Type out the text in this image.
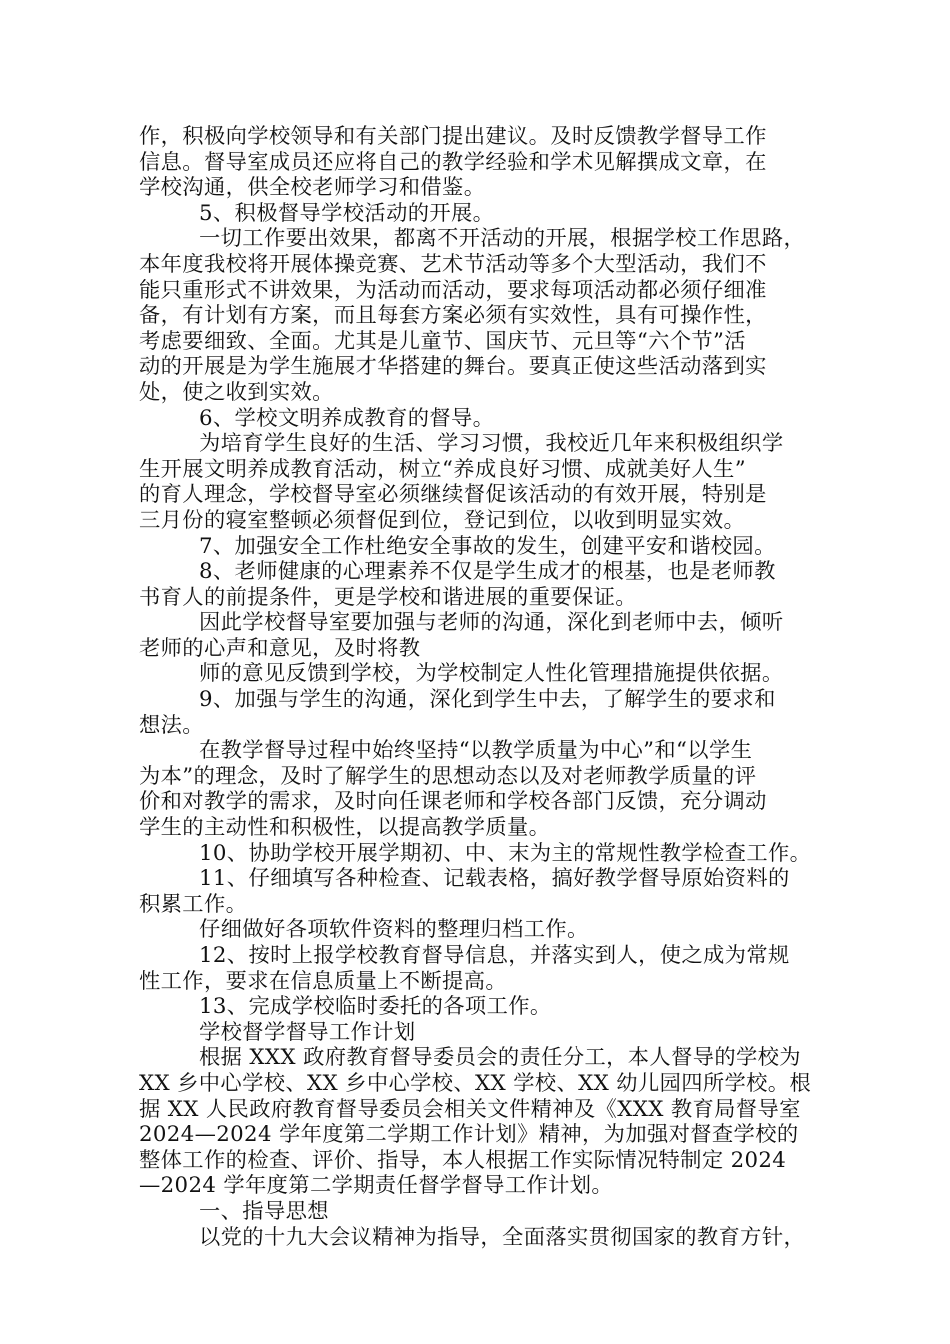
作，积极向学校领导和有关部门提出建议。及时反馈教学督导工作
信息。督导室成员还应将自己的教学经验和学术见解撰成文章，在
学校沟通，供全校老师学习和借鉴。
5、积极督导学校活动的开展。
一切工作要出效果，都离不开活动的开展，根据学校工作思路，
本年度我校将开展体操竞赛、艺术节活动等多个大型活动，我们不
能只重形式不讲效果，为活动而活动，要求每项活动都必须仔细准
备，有计划有方案，而且每套方案必须有实效性，具有可操作性，
考虑要细致、全面。尤其是儿童节、国庆节、元旦等“六个节”活
动的开展是为学生施展才华搭建的舞台。要真正使这些活动落到实
处，使之收到实效。
6、学校文明养成教育的督导。
为培育学生良好的生活、学习习惯，我校近几年来积极组织学
生开展文明养成教育活动，树立“养成良好习惯、成就美好人生”
的育人理念，学校督导室必须继续督促该活动的有效开展，特别是
三月份的寝室整顿必须督促到位，登记到位，以收到明显实效。
7、加强安全工作杜绝安全事故的发生，创建平安和谐校园。
8、老师健康的心理素养不仅是学生成才的根基，也是老师教
书育人的前提条件，更是学校和谐进展的重要保证。
因此学校督导室要加强与老师的沟通，深化到老师中去，倾听
老师的心声和意见，及时将教
师的意见反馈到学校，为学校制定人性化管理措施提供依据。
9、加强与学生的沟通，深化到学生中去，了解学生的要求和
想法。
在教学督导过程中始终坚持“以教学质量为中心”和“以学生
为本”的理念，及时了解学生的思想动态以及对老师教学质量的评
价和对教学的需求，及时向任课老师和学校各部门反馈，充分调动
学生的主动性和积极性，以提高教学质量。
10、协助学校开展学期初、中、末为主的常规性教学检查工作。
11、仔细填写各种检查、记载表格，搞好教学督导原始资料的
积累工作。
仔细做好各项软件资料的整理归档工作。
12、按时上报学校教育督导信息，并落实到人，使之成为常规
性工作，要求在信息质量上不断提高。
13、完成学校临时委托的各项工作。
学校督学督导工作计划
根据 XXX 政府教育督导委员会的责任分工，本人督导的学校为
XX 乡中心学校、XX 乡中心学校、XX 学校、XX 幼儿园四所学校。根
据 XX 人民政府教育督导委员会相关文件精神及《XXX 教育局督导室
2024—2024 学年度第二学期工作计划》精神，为加强对督查学校的
整体工作的检查、评价、指导，本人根据工作实际情况特制定 2024
—2024 学年度第二学期责任督学督导工作计划。
一、指导思想
以党的十九大会议精神为指导，全面落实贯彻国家的教育方针，
